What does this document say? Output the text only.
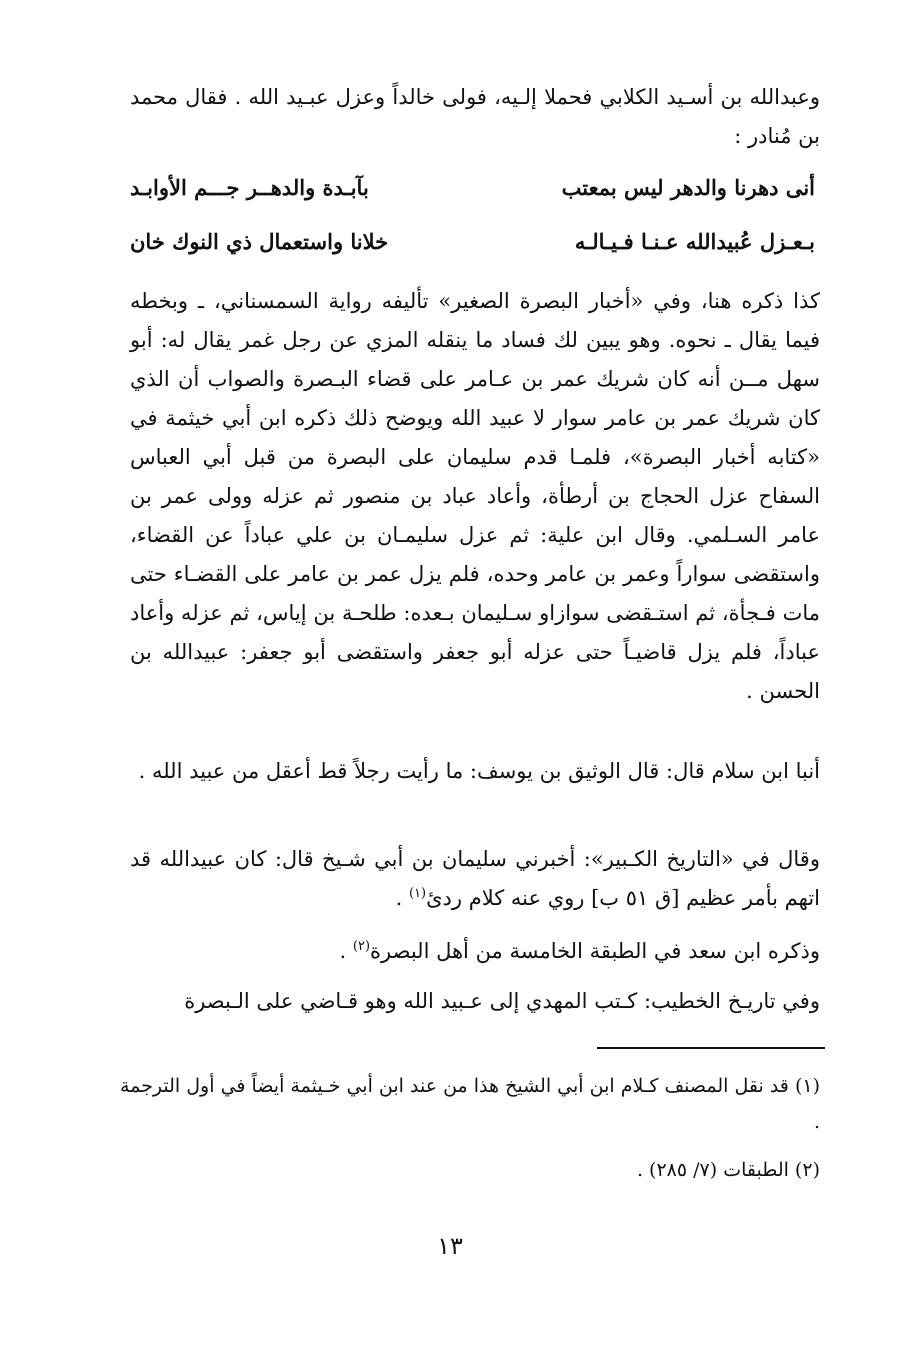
وعبدالله بن أسـيد الكلابي فحملا إلـيه، فولى خالداً وعزل عبـيد الله . فقال محمد بن مُنادر :

أنى دهرنا والدهر ليس بمعتب
بآبـدة والدهــر جـــم الأوابـد
بـعـزل عُبيدالله عـنـا فـيـالـه
خلانا واستعمال ذي النوك خان

كذا ذكره هنا، وفي «أخبار البصرة الصغير» تأليفه رواية السمسناني، ـ وبخطه فيما يقال ـ نحوه. وهو يبين لك فساد ما ينقله المزي عن رجل غمر يقال له: أبو سهل مــن أنه كان شريك عمر بن عـامر على قضاء البـصرة والصواب أن الذي كان شريك عمر بن عامر سوار لا عبيد الله ويوضح ذلك ذكره ابن أبي خيثمة في «كتابه أخبار البصرة»، فلمـا قدم سليمان على البصرة من قبل أبي العباس السفاح عزل الحجاج بن أرطأة، وأعاد عباد بن منصور ثم عزله وولى عمر بن عامر السـلمي. وقال ابن علية: ثم عزل سليمـان بن علي عباداً عن القضاء، واستقضى سواراً وعمر بن عامر وحده، فلم يزل عمر بن عامر على القضـاء حتى مات فـجأة، ثم استـقضى سوازاو سـليمان بـعده: طلحـة بن إياس، ثم عزله وأعاد عباداً، فلم يزل قاضيـاً حتى عزله أبو جعفر واستقضى أبو جعفر: عبيدالله بن الحسن .

أنبا ابن سلام قال: قال الوثيق بن يوسف: ما رأيت رجلاً قط أعقل من عبيد الله .

وقال في «التاريخ الكـبير»: أخبرني سليمان بن أبي شـيخ قال: كان عبيدالله قد اتهم بأمر عظيم [ق ٥١ ب] روي عنه كلام ردئ$^{(١)}$ .

وذكره ابن سعد في الطبقة الخامسة من أهل البصرة$^{(٢)}$ .

وفي تاريـخ الخطيب: كـتب المهدي إلى عـبيد الله وهو قـاضي على الـبصرة

(١) قد نقل المصنف كـلام ابن أبي الشيخ هذا من عند ابن أبي خـيثمة أيضاً في أول الترجمة .

(٢) الطبقات (٧/ ٢٨٥) .

١٣
